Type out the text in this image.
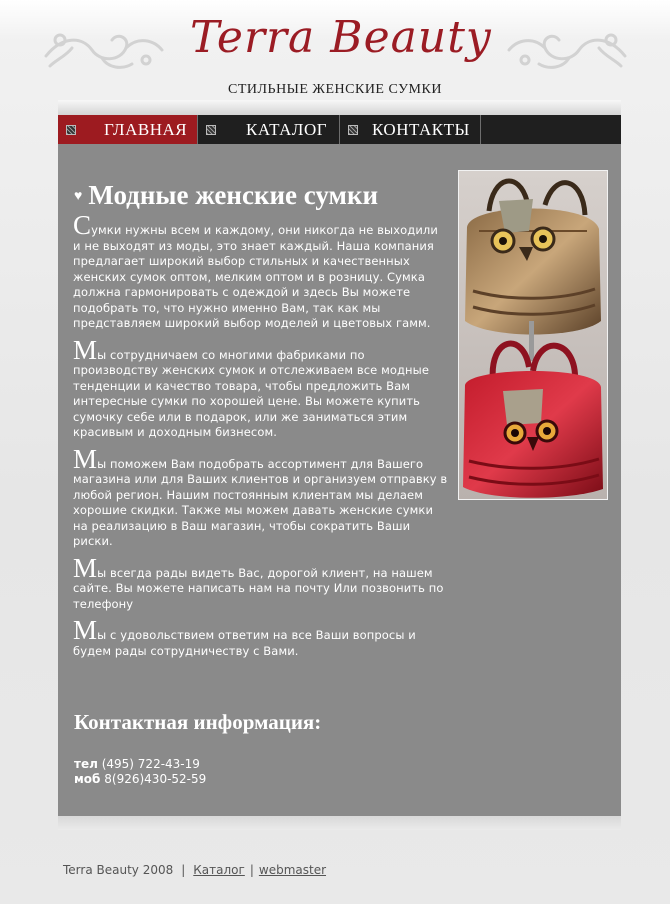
Terra Beauty
СТИЛЬНЫЕ ЖЕНСКИЕ СУМКИ
ГЛАВНАЯ	КАТАЛОГ	КОНТАКТЫ
♥ Модные женские сумки

Сумки нужны всем и каждому, они никогда не выходили и не выходят из моды, это знает каждый. Наша компания предлагает широкий выбор стильных и качественных женских сумок оптом, мелким оптом и в розницу. Сумка должна гармонировать с одеждой и здесь Вы можете подобрать то, что нужно именно Вам, так как мы представляем широкий выбор моделей и цветовых гамм.

Мы сотрудничаем со многими фабриками по производству женских сумок и отслеживаем все модные тенденции и качество товара, чтобы предложить Вам интересные сумки по хорошей цене. Вы можете купить сумочку себе или в подарок, или же заниматься этим красивым и доходным бизнесом.

Мы поможем Вам подобрать ассортимент для Вашего магазина или для Ваших клиентов и организуем отправку в любой регион. Нашим постоянным клиентам мы делаем хорошие скидки. Также мы можем давать женские сумки на реализацию в Ваш магазин, чтобы сократить Ваши риски.

Мы всегда рады видеть Вас, дорогой клиент, на нашем сайте. Вы можете написать нам на почту Или позвонить по телефону

Мы с удовольствием ответим на все Ваши вопросы и будем рады сотрудничеству с Вами.

Контактная информация:
тел (495) 722-43-19
моб 8(926)430-52-59
Terra Beauty 2008 | Каталог | webmaster
